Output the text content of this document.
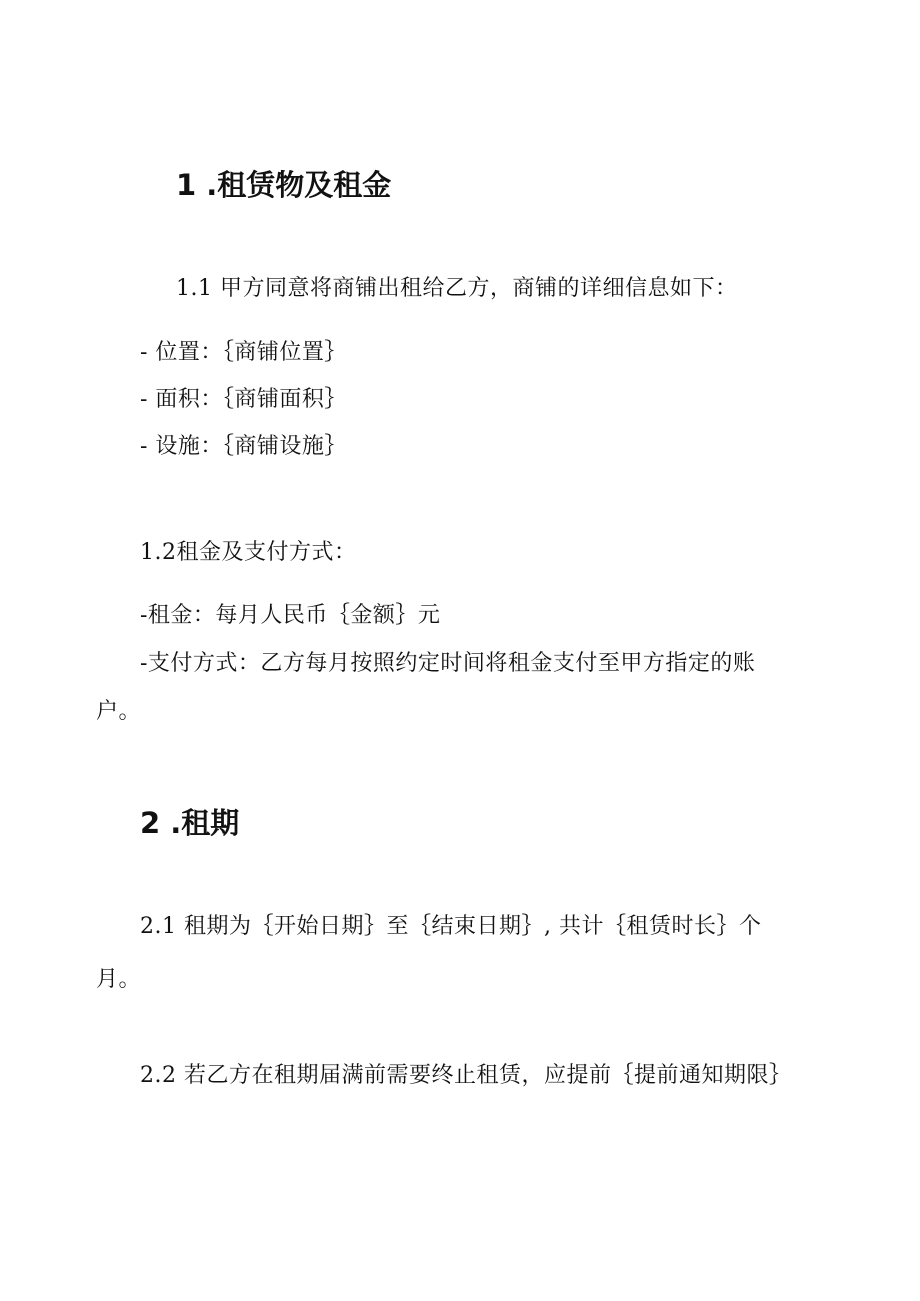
1 .租赁物及租金
1.1 甲方同意将商铺出租给乙方，商铺的详细信息如下：
- 位置：｛商铺位置｝
- 面积：｛商铺面积｝
- 设施：｛商铺设施｝
1.2租金及支付方式：
-租金：每月人民币｛金额｝元
-支付方式：乙方每月按照约定时间将租金支付至甲方指定的账
户。
2 .租期
2.1 租期为｛开始日期｝至｛结束日期｝, 共计｛租赁时长｝个
月。
2.2 若乙方在租期届满前需要终止租赁，应提前｛提前通知期限｝
